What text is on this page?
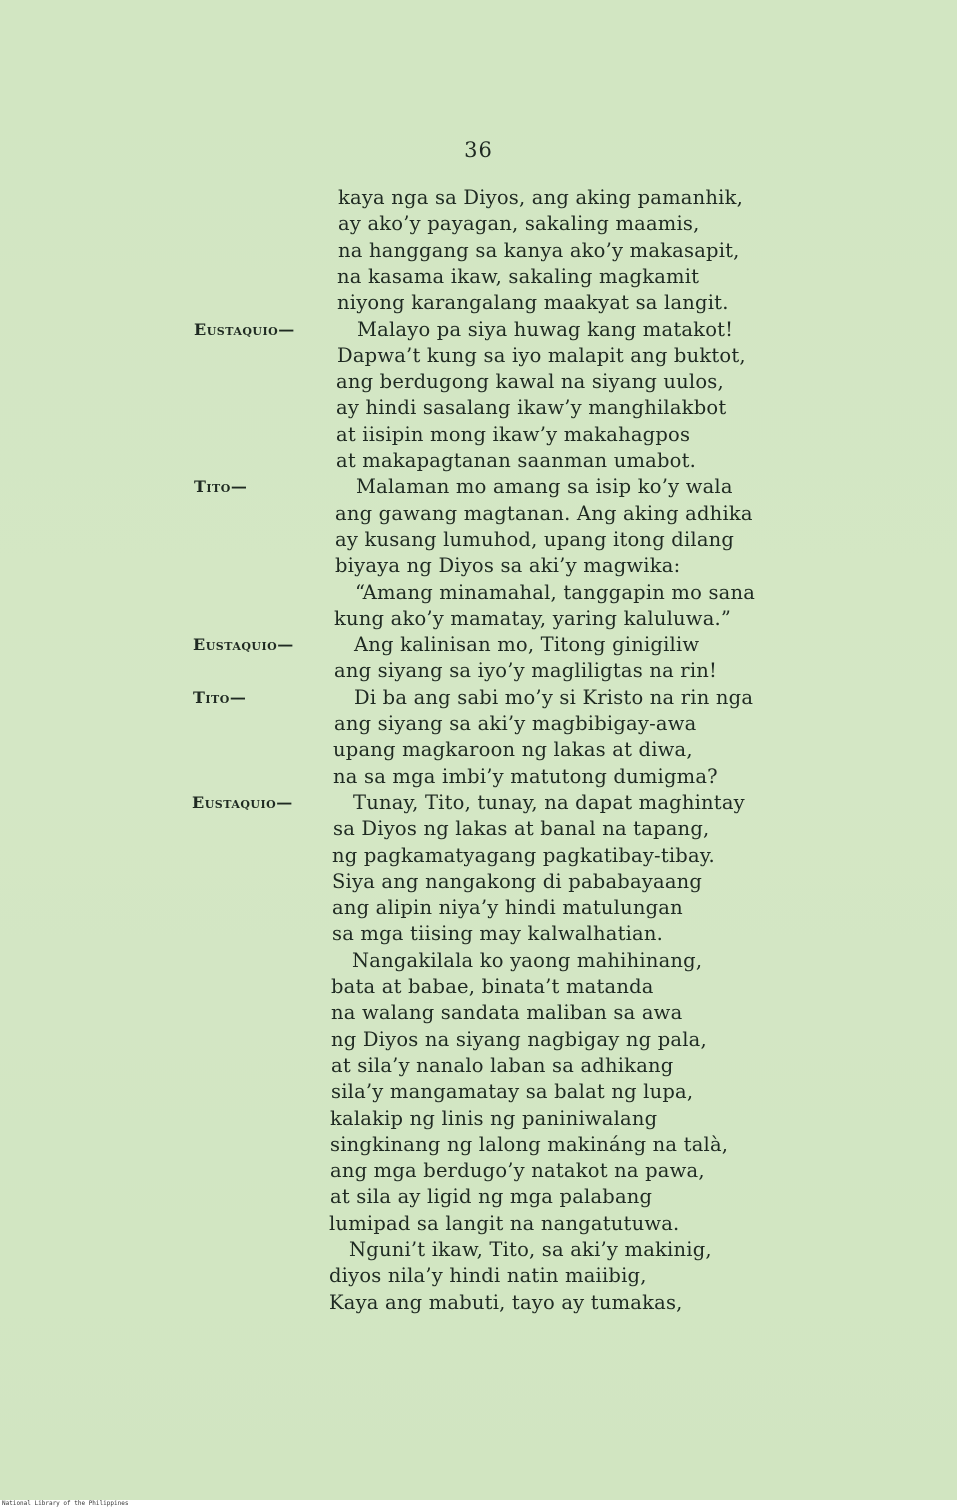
36
kaya nga sa Diyos, ang aking pamanhik,
ay ako’y payagan, sakaling maamis,
na hanggang sa kanya ako’y makasapit,
na kasama ikaw, sakaling magkamit
niyong karangalang maakyat sa langit.
Malayo pa siya huwag kang matakot!
Dapwa’t kung sa iyo malapit ang buktot,
ang berdugong kawal na siyang uulos,
ay hindi sasalang ikaw’y manghilakbot
at iisipin mong ikaw’y makahagpos
at makapagtanan saanman umabot.
Malaman mo amang sa isip ko’y wala
ang gawang magtanan. Ang aking adhika
ay kusang lumuhod, upang itong dilang
biyaya ng Diyos sa aki’y magwika:
“Amang minamahal, tanggapin mo sana
kung ako’y mamatay, yaring kaluluwa.”
Ang kalinisan mo, Titong ginigiliw
ang siyang sa iyo’y magliligtas na rin!
Di ba ang sabi mo’y si Kristo na rin nga
ang siyang sa aki’y magbibigay-awa
upang magkaroon ng lakas at diwa,
na sa mga imbi’y matutong dumigma?
Tunay, Tito, tunay, na dapat maghintay
sa Diyos ng lakas at banal na tapang,
ng pagkamatyagang pagkatibay-tibay.
Siya ang nangakong di pababayaang
ang alipin niya’y hindi matulungan
sa mga tiising may kalwalhatian.
Nangakilala ko yaong mahihinang,
bata at babae, binata’t matanda
na walang sandata maliban sa awa
ng Diyos na siyang nagbigay ng pala,
at sila’y nanalo laban sa adhikang
sila’y mangamatay sa balat ng lupa,
kalakip ng linis ng paniniwalang
singkinang ng lalong makináng na talà,
ang mga berdugo’y natakot na pawa,
at sila ay ligid ng mga palabang
lumipad sa langit na nangatutuwa.
Nguni’t ikaw, Tito, sa aki’y makinig,
diyos nila’y hindi natin maiibig,
Kaya ang mabuti, tayo ay tumakas,
Eustaquio—
Tito—
Eustaquio—
Tito—
Eustaquio—
National Library of the Philippines
